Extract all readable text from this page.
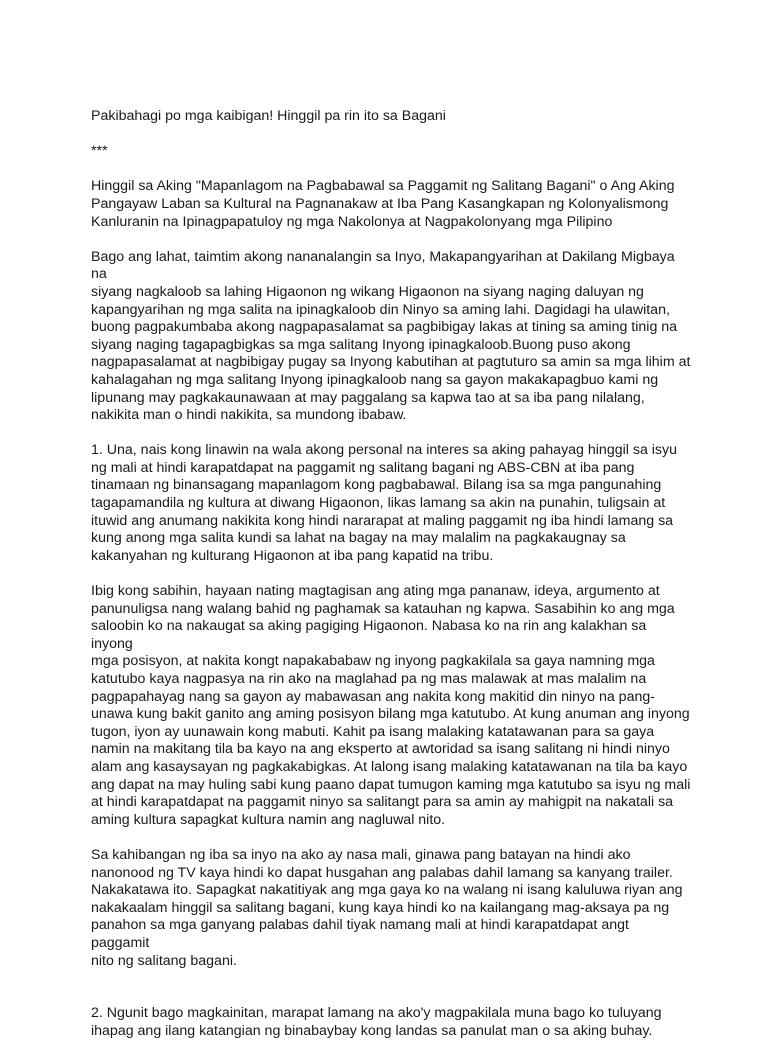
Pakibahagi po mga kaibigan! Hinggil pa rin ito sa Bagani

***

Hinggil sa Aking "Mapanlagom na Pagbabawal sa Paggamit ng Salitang Bagani" o Ang Aking
Pangayaw Laban sa Kultural na Pagnanakaw at Iba Pang Kasangkapan ng Kolonyalismong
Kanluranin na Ipinagpapatuloy ng mga Nakolonya at Nagpakolonyang mga Pilipino

Bago ang lahat, taimtim akong nananalangin sa Inyo, Makapangyarihan at Dakilang Migbaya na
siyang nagkaloob sa lahing Higaonon ng wikang Higaonon na siyang naging daluyan ng
kapangyarihan ng mga salita na ipinagkaloob din Ninyo sa aming lahi. Dagidagi ha ulawitan,
buong pagpakumbaba akong nagpapasalamat sa pagbibigay lakas at tining sa aming tinig na
siyang naging tagapagbigkas sa mga salitang Inyong ipinagkaloob.Buong puso akong
nagpapasalamat at nagbibigay pugay sa Inyong kabutihan at pagtuturo sa amin sa mga lihim at
kahalagahan ng mga salitang Inyong ipinagkaloob nang sa gayon makakapagbuo kami ng
lipunang may pagkakaunawaan at may paggalang sa kapwa tao at sa iba pang nilalang,
nakikita man o hindi nakikita, sa mundong ibabaw.

1. Una, nais kong linawin na wala akong personal na interes sa aking pahayag hinggil sa isyu
ng mali at hindi karapatdapat na paggamit ng salitang bagani ng ABS-CBN at iba pang
tinamaan ng binansagang mapanlagom kong pagbabawal. Bilang isa sa mga pangunahing
tagapamandila ng kultura at diwang Higaonon, likas lamang sa akin na punahin, tuligsain at
ituwid ang anumang nakikita kong hindi nararapat at maling paggamit ng iba hindi lamang sa
kung anong mga salita kundi sa lahat na bagay na may malalim na pagkakaugnay sa
kakanyahan ng kulturang Higaonon at iba pang kapatid na tribu.

Ibig kong sabihin, hayaan nating magtagisan ang ating mga pananaw, ideya, argumento at
panunuligsa nang walang bahid ng paghamak sa katauhan ng kapwa. Sasabihin ko ang mga
saloobin ko na nakaugat sa aking pagiging Higaonon. Nabasa ko na rin ang kalakhan sa inyong
mga posisyon, at nakita kongt napakababaw ng inyong pagkakilala sa gaya namning mga
katutubo kaya nagpasya na rin ako na maglahad pa ng mas malawak at mas malalim na
pagpapahayag nang sa gayon ay mabawasan ang nakita kong makitid din ninyo na pang-
unawa kung bakit ganito ang aming posisyon bilang mga katutubo. At kung anuman ang inyong
tugon, iyon ay uunawain kong mabuti. Kahit pa isang malaking katatawanan para sa gaya
namin na makitang tila ba kayo na ang eksperto at awtoridad sa isang salitang ni hindi ninyo
alam ang kasaysayan ng pagkakabigkas. At lalong isang malaking katatawanan na tila ba kayo
ang dapat na may huling sabi kung paano dapat tumugon kaming mga katutubo sa isyu ng mali
at hindi karapatdapat na paggamit ninyo sa salitangt para sa amin ay mahigpit na nakatali sa
aming kultura sapagkat kultura namin ang nagluwal nito.

Sa kahibangan ng iba sa inyo na ako ay nasa mali, ginawa pang batayan na hindi ako
nanonood ng TV kaya hindi ko dapat husgahan ang palabas dahil lamang sa kanyang trailer.
Nakakatawa ito. Sapagkat nakatitiyak ang mga gaya ko na walang ni isang kaluluwa riyan ang
nakakaalam hinggil sa salitang bagani, kung kaya hindi ko na kailangang mag-aksaya pa ng
panahon sa mga ganyang palabas dahil tiyak namang mali at hindi karapatdapat angt paggamit
nito ng salitang bagani.

2. Ngunit bago magkainitan, marapat lamang na ako'y magpakilala muna bago ko tuluyang
ihapag ang ilang katangian ng binabaybay kong landas sa panulat man o sa aking buhay.
